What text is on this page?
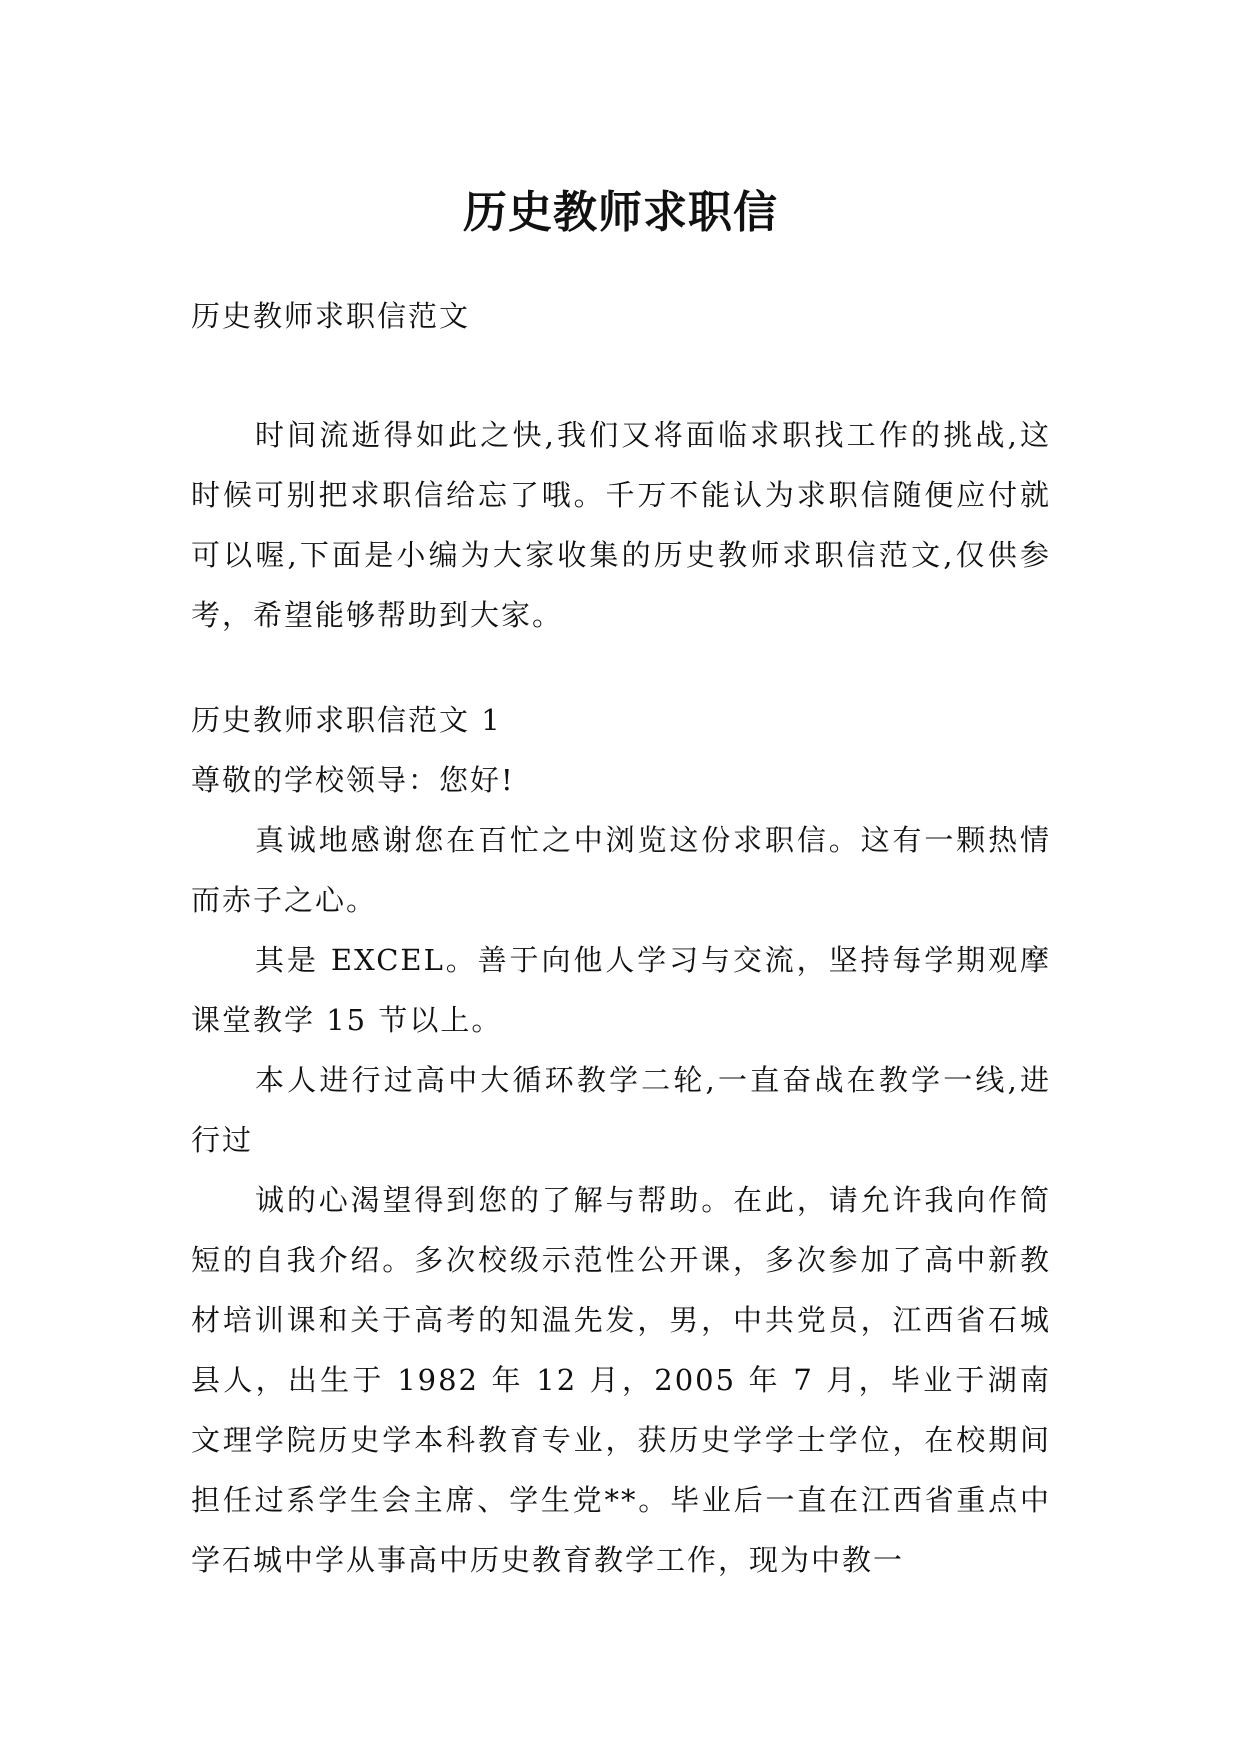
历史教师求职信

历史教师求职信范文

时间流逝得如此之快,我们又将面临求职找工作的挑战,这时候可别把求职信给忘了哦。千万不能认为求职信随便应付就可以喔,下面是小编为大家收集的历史教师求职信范文,仅供参考，希望能够帮助到大家。

历史教师求职信范文 1

尊敬的学校领导：您好!

真诚地感谢您在百忙之中浏览这份求职信。这有一颗热情而赤子之心。

其是 EXCEL。善于向他人学习与交流，坚持每学期观摩课堂教学 15 节以上。

本人进行过高中大循环教学二轮,一直奋战在教学一线,进行过

诚的心渴望得到您的了解与帮助。在此，请允许我向作简短的自我介绍。多次校级示范性公开课，多次参加了高中新教材培训课和关于高考的知温先发，男，中共党员，江西省石城县人，出生于 1982 年 12 月，2005 年 7 月，毕业于湖南文理学院历史学本科教育专业，获历史学学士学位，在校期间担任过系学生会主席、学生党**。毕业后一直在江西省重点中学石城中学从事高中历史教育教学工作，现为中教一
